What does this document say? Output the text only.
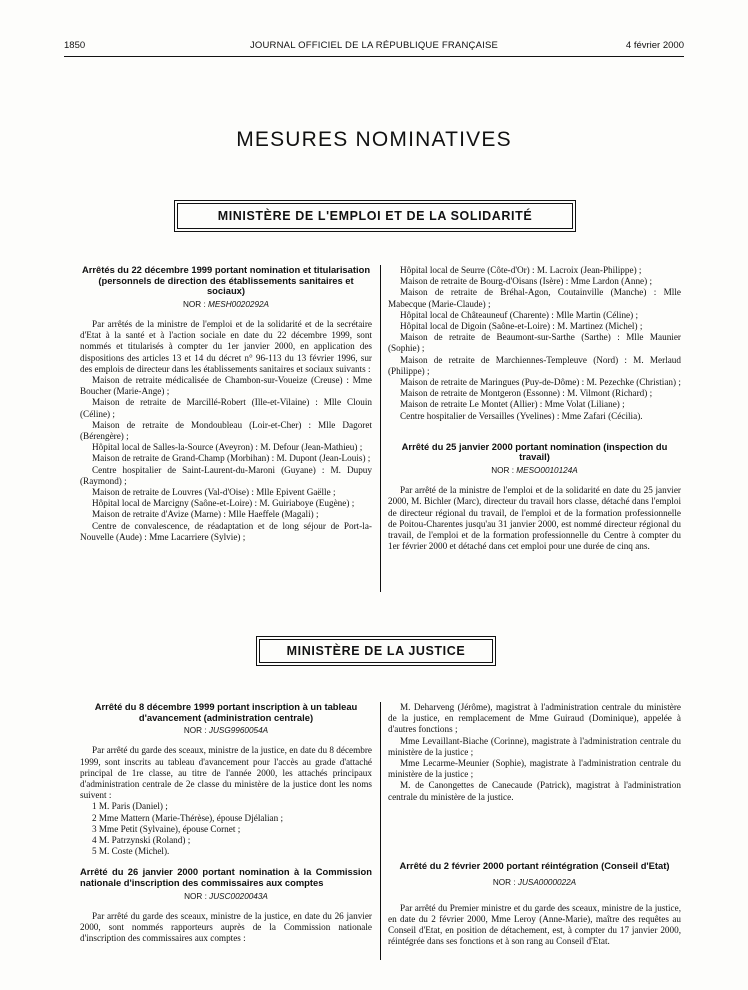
1850	JOURNAL OFFICIEL DE LA RÉPUBLIQUE FRANÇAISE	4 février 2000
MESURES NOMINATIVES
MINISTÈRE DE L'EMPLOI ET DE LA SOLIDARITÉ

Arrêtés du 22 décembre 1999 portant nomination et titularisation (personnels de direction des établissements sanitaires et sociaux)

NOR : MESH0020292A

Par arrêtés de la ministre de l'emploi et de la solidarité et de la secrétaire d'Etat à la santé et à l'action sociale en date du 22 décembre 1999, sont nommés et titularisés à compter du 1er janvier 2000, en application des dispositions des articles 13 et 14 du décret n° 96-113 du 13 février 1996, sur des emplois de directeur dans les établissements sanitaires et sociaux suivants :

Maison de retraite médicalisée de Chambon-sur-Voueize (Creuse) : Mme Boucher (Marie-Ange) ;

Maison de retraite de Marcillé-Robert (Ille-et-Vilaine) : Mlle Clouin (Céline) ;

Maison de retraite de Mondoubleau (Loir-et-Cher) : Mlle Dagoret (Bérengère) ;

Hôpital local de Salles-la-Source (Aveyron) : M. Defour (Jean-Mathieu) ;

Maison de retraite de Grand-Champ (Morbihan) : M. Dupont (Jean-Louis) ;

Centre hospitalier de Saint-Laurent-du-Maroni (Guyane) : M. Dupuy (Raymond) ;

Maison de retraite de Louvres (Val-d'Oise) : Mlle Epivent Gaëlle ;

Hôpital local de Marcigny (Saône-et-Loire) : M. Guiriaboye (Eugène) ;

Maison de retraite d'Avize (Marne) : Mlle Haeffele (Magali) ;

Centre de convalescence, de réadaptation et de long séjour de Port-la-Nouvelle (Aude) : Mme Lacarriere (Sylvie) ;

Hôpital local de Seurre (Côte-d'Or) : M. Lacroix (Jean-Philippe) ;

Maison de retraite de Bourg-d'Oisans (Isère) : Mme Lardon (Anne) ;

Maison de retraite de Bréhal-Agon, Coutainville (Manche) : Mlle Mabecque (Marie-Claude) ;

Hôpital local de Châteauneuf (Charente) : Mlle Martin (Céline) ;

Hôpital local de Digoin (Saône-et-Loire) : M. Martinez (Michel) ;

Maison de retraite de Beaumont-sur-Sarthe (Sarthe) : Mlle Maunier (Sophie) ;

Maison de retraite de Marchiennes-Templeuve (Nord) : M. Merlaud (Philippe) ;

Maison de retraite de Maringues (Puy-de-Dôme) : M. Pezechke (Christian) ;

Maison de retraite de Montgeron (Essonne) : M. Vilmont (Richard) ;

Maison de retraite Le Montet (Allier) : Mme Volat (Liliane) ;

Centre hospitalier de Versailles (Yvelines) : Mme Zafari (Cécilia).

Arrêté du 25 janvier 2000 portant nomination (inspection du travail)

NOR : MESO0010124A

Par arrêté de la ministre de l'emploi et de la solidarité en date du 25 janvier 2000, M. Bichler (Marc), directeur du travail hors classe, détaché dans l'emploi de directeur régional du travail, de l'emploi et de la formation professionnelle de Poitou-Charentes jusqu'au 31 janvier 2000, est nommé directeur régional du travail, de l'emploi et de la formation professionnelle du Centre à compter du 1er février 2000 et détaché dans cet emploi pour une durée de cinq ans.

MINISTÈRE DE LA JUSTICE

Arrêté du 8 décembre 1999 portant inscription à un tableau d'avancement (administration centrale)

NOR : JUSG9960054A

Par arrêté du garde des sceaux, ministre de la justice, en date du 8 décembre 1999, sont inscrits au tableau d'avancement pour l'accès au grade d'attaché principal de 1re classe, au titre de l'année 2000, les attachés principaux d'administration centrale de 2e classe du ministère de la justice dont les noms suivent :

1 M. Paris (Daniel) ;

2 Mme Mattern (Marie-Thérèse), épouse Djélalian ;

3 Mme Petit (Sylvaine), épouse Cornet ;

4 M. Patrzynski (Roland) ;

5 M. Coste (Michel).

Arrêté du 26 janvier 2000 portant nomination à la Commission nationale d'inscription des commissaires aux comptes

NOR : JUSC0020043A

Par arrêté du garde des sceaux, ministre de la justice, en date du 26 janvier 2000, sont nommés rapporteurs auprès de la Commission nationale d'inscription des commissaires aux comptes :

M. Deharveng (Jérôme), magistrat à l'administration centrale du ministère de la justice, en remplacement de Mme Guiraud (Dominique), appelée à d'autres fonctions ;

Mme Levaillant-Biache (Corinne), magistrate à l'administration centrale du ministère de la justice ;

Mme Lecarme-Meunier (Sophie), magistrate à l'administration centrale du ministère de la justice ;

M. de Canongettes de Canecaude (Patrick), magistrat à l'administration centrale du ministère de la justice.

Arrêté du 2 février 2000 portant réintégration (Conseil d'Etat)

NOR : JUSA0000022A

Par arrêté du Premier ministre et du garde des sceaux, ministre de la justice, en date du 2 février 2000, Mme Leroy (Anne-Marie), maître des requêtes au Conseil d'Etat, en position de détachement, est, à compter du 17 janvier 2000, réintégrée dans ses fonctions et à son rang au Conseil d'Etat.
